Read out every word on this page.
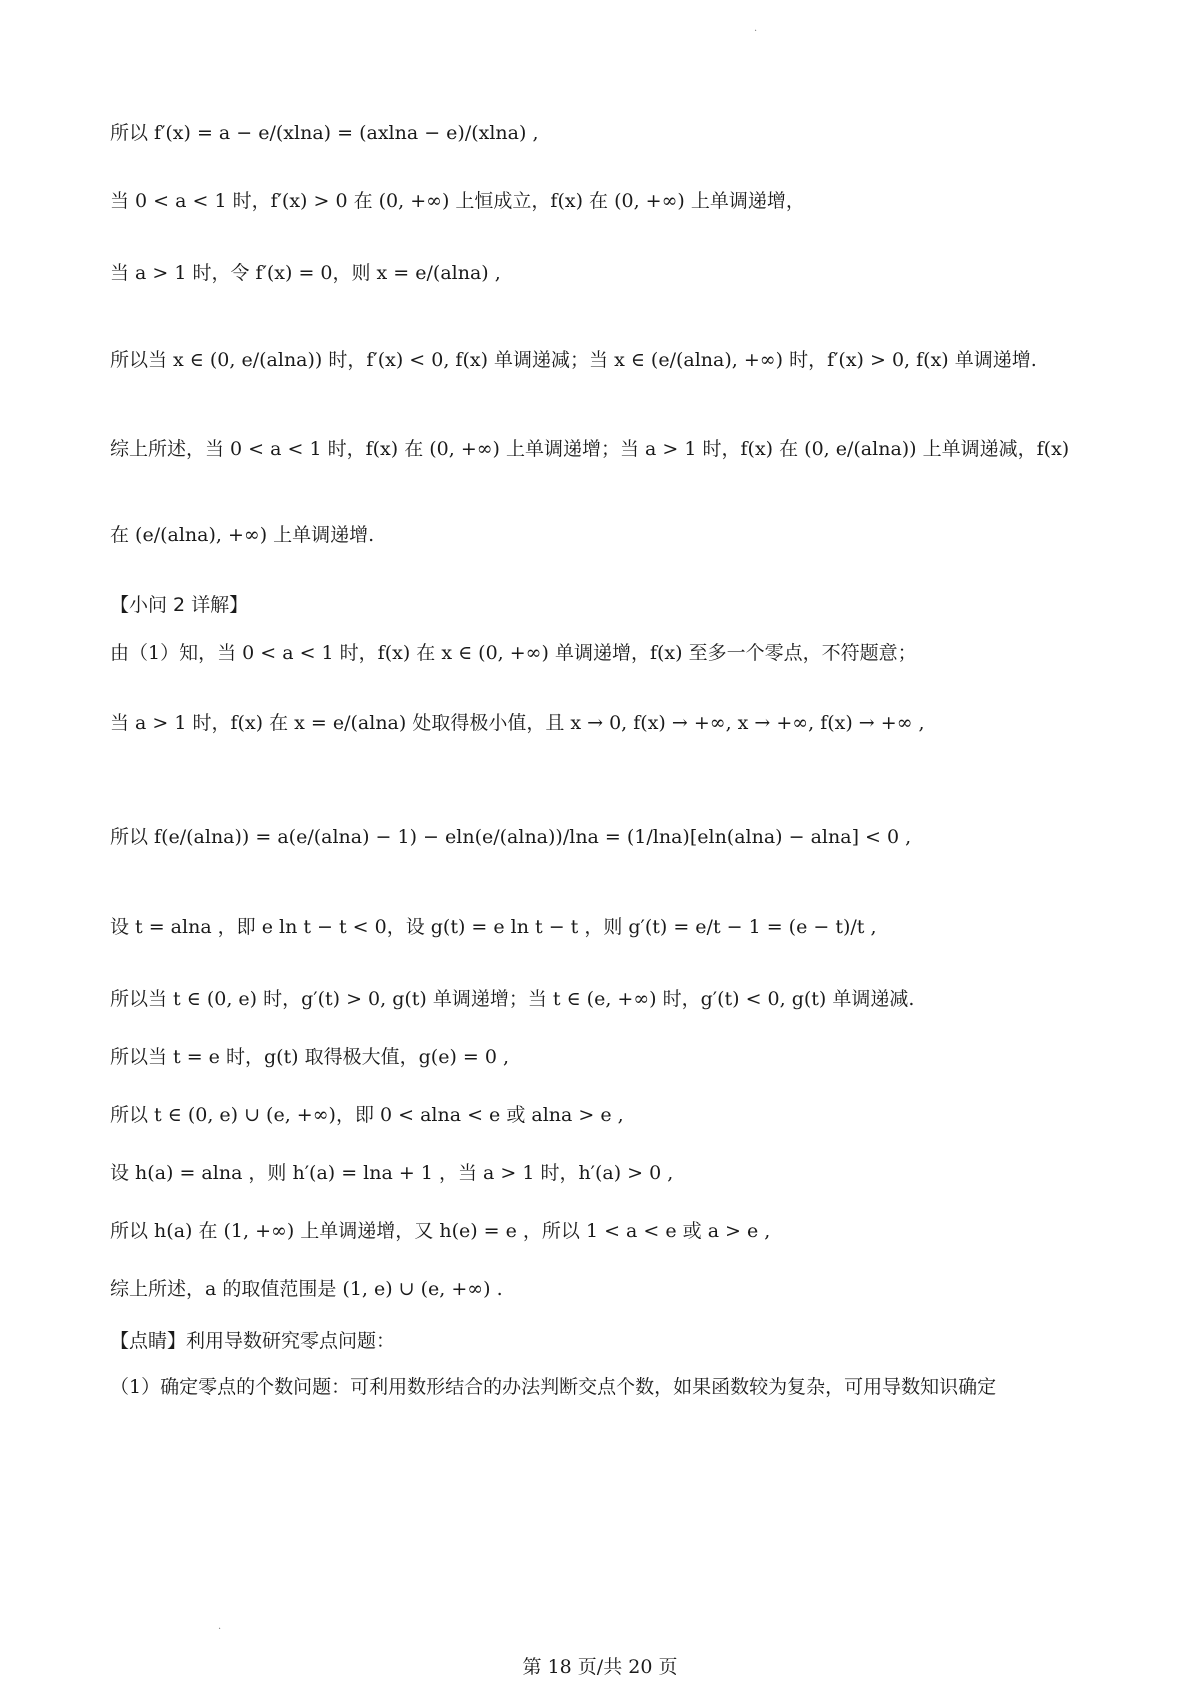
·
所以 f′(x) = a − e/(xlna) = (axlna − e)/(xlna) ,
当 0 < a < 1 时，f′(x) > 0 在 (0, +∞) 上恒成立，f(x) 在 (0, +∞) 上单调递增，
当 a > 1 时，令 f′(x) = 0，则 x = e/(alna) ,
所以当 x ∈ (0, e/(alna)) 时，f′(x) < 0, f(x) 单调递减；当 x ∈ (e/(alna), +∞) 时，f′(x) > 0, f(x) 单调递增.
综上所述，当 0 < a < 1 时，f(x) 在 (0, +∞) 上单调递增；当 a > 1 时，f(x) 在 (0, e/(alna)) 上单调递减，f(x)
在 (e/(alna), +∞) 上单调递增.
【小问 2 详解】
由（1）知，当 0 < a < 1 时，f(x) 在 x ∈ (0, +∞) 单调递增，f(x) 至多一个零点，不符题意；
当 a > 1 时，f(x) 在 x = e/(alna) 处取得极小值，且 x → 0, f(x) → +∞, x → +∞, f(x) → +∞ ,
所以 f(e/(alna)) = a(e/(alna) − 1) − eln(e/(alna))/lna = (1/lna)[eln(alna) − alna] < 0 ,
设 t = alna ，即 e ln t − t < 0，设 g(t) = e ln t − t ，则 g′(t) = e/t − 1 = (e − t)/t ,
所以当 t ∈ (0, e) 时，g′(t) > 0, g(t) 单调递增；当 t ∈ (e, +∞) 时，g′(t) < 0, g(t) 单调递减.
所以当 t = e 时，g(t) 取得极大值，g(e) = 0 ,
所以 t ∈ (0, e) ∪ (e, +∞)，即 0 < alna < e 或 alna > e ,
设 h(a) = alna ，则 h′(a) = lna + 1 ，当 a > 1 时，h′(a) > 0 ,
所以 h(a) 在 (1, +∞) 上单调递增，又 h(e) = e ，所以 1 < a < e 或 a > e ,
综上所述，a 的取值范围是 (1, e) ∪ (e, +∞) .
【点睛】利用导数研究零点问题：
（1）确定零点的个数问题：可利用数形结合的办法判断交点个数，如果函数较为复杂，可用导数知识确定
·
第 18 页/共 20 页
